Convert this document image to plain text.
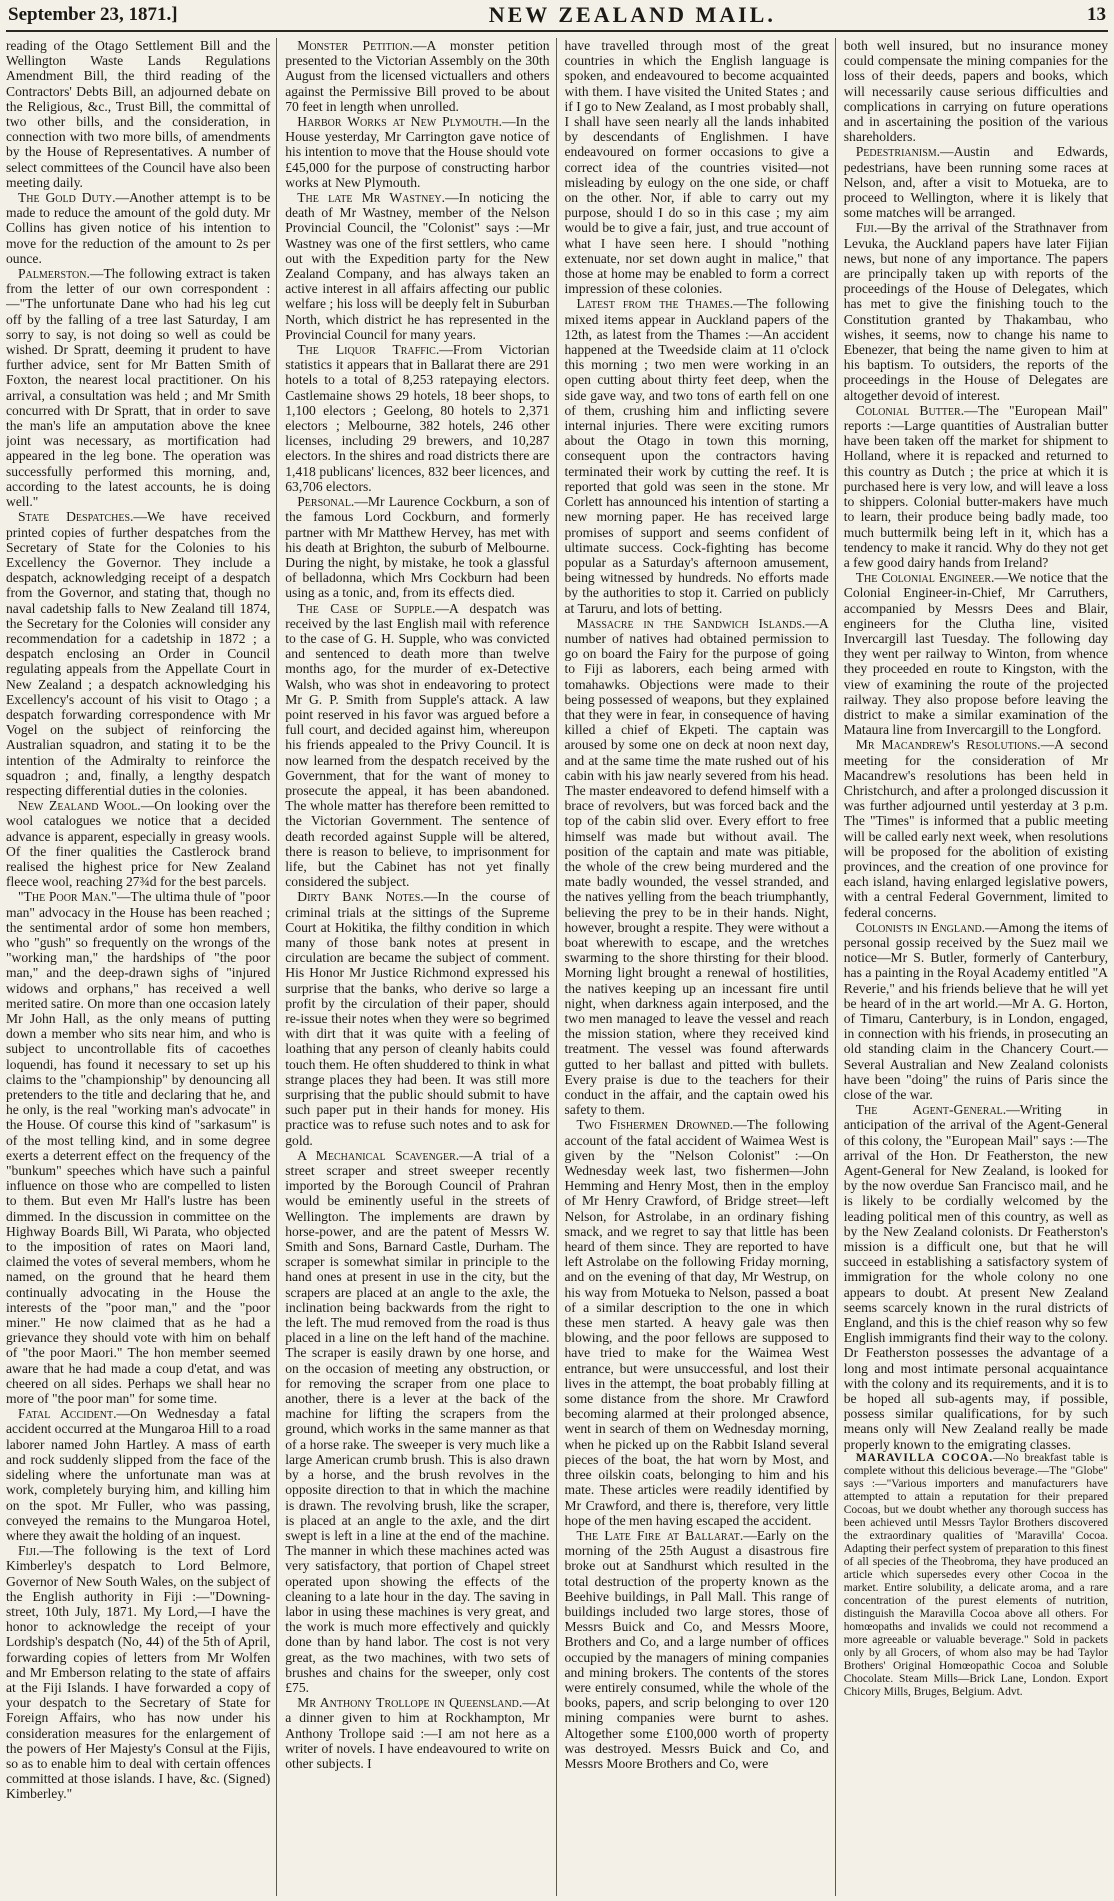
September 23, 1871.]	NEW ZEALAND MAIL.	13

reading of the Otago Settlement Bill and the Wellington Waste Lands Regulations Amendment Bill, the third reading of the Contractors' Debts Bill, an adjourned debate on the Religious, &c., Trust Bill, the committal of two other bills, and the consideration, in connection with two more bills, of amendments by the House of Representatives. A number of select committees of the Council have also been meeting daily.

The Gold Duty.—Another attempt is to be made to reduce the amount of the gold duty. Mr Collins has given notice of his intention to move for the reduction of the amount to 2s per ounce.

Palmerston.—The following extract is taken from the letter of our own correspondent :—"The unfortunate Dane who had his leg cut off by the falling of a tree last Saturday, I am sorry to say, is not doing so well as could be wished. Dr Spratt, deeming it prudent to have further advice, sent for Mr Batten Smith of Foxton, the nearest local practitioner. On his arrival, a consultation was held ; and Mr Smith concurred with Dr Spratt, that in order to save the man's life an amputation above the knee joint was necessary, as mortification had appeared in the leg bone. The operation was successfully performed this morning, and, according to the latest accounts, he is doing well."

State Despatches.—We have received printed copies of further despatches from the Secretary of State for the Colonies to his Excellency the Governor. They include a despatch, acknowledging receipt of a despatch from the Governor, and stating that, though no naval cadetship falls to New Zealand till 1874, the Secretary for the Colonies will consider any recommendation for a cadetship in 1872 ; a despatch enclosing an Order in Council regulating appeals from the Appellate Court in New Zealand ; a despatch acknowledging his Excellency's account of his visit to Otago ; a despatch forwarding correspondence with Mr Vogel on the subject of reinforcing the Australian squadron, and stating it to be the intention of the Admiralty to reinforce the squadron ; and, finally, a lengthy despatch respecting differential duties in the colonies.

New Zealand Wool.—On looking over the wool catalogues we notice that a decided advance is apparent, especially in greasy wools. Of the finer qualities the Castlerock brand realised the highest price for New Zealand fleece wool, reaching 27¾d for the best parcels.

"The Poor Man."—The ultima thule of "poor man" advocacy in the House has been reached ; the sentimental ardor of some hon members, who "gush" so frequently on the wrongs of the "working man," the hardships of "the poor man," and the deep-drawn sighs of "injured widows and orphans," has received a well merited satire. On more than one occasion lately Mr John Hall, as the only means of putting down a member who sits near him, and who is subject to uncontrollable fits of cacoethes loquendi, has found it necessary to set up his claims to the "championship" by denouncing all pretenders to the title and declaring that he, and he only, is the real "working man's advocate" in the House. Of course this kind of "sarkasum" is of the most telling kind, and in some degree exerts a deterrent effect on the frequency of the "bunkum" speeches which have such a painful influence on those who are compelled to listen to them. But even Mr Hall's lustre has been dimmed. In the discussion in committee on the Highway Boards Bill, Wi Parata, who objected to the imposition of rates on Maori land, claimed the votes of several members, whom he named, on the ground that he heard them continually advocating in the House the interests of the "poor man," and the "poor miner." He now claimed that as he had a grievance they should vote with him on behalf of "the poor Maori." The hon member seemed aware that he had made a coup d'etat, and was cheered on all sides. Perhaps we shall hear no more of "the poor man" for some time.

Fatal Accident.—On Wednesday a fatal accident occurred at the Mungaroa Hill to a road laborer named John Hartley. A mass of earth and rock suddenly slipped from the face of the sideling where the unfortunate man was at work, completely burying him, and killing him on the spot. Mr Fuller, who was passing, conveyed the remains to the Mungaroa Hotel, where they await the holding of an inquest.

Fiji.—The following is the text of Lord Kimberley's despatch to Lord Belmore, Governor of New South Wales, on the subject of the English authority in Fiji :—"Downing-street, 10th July, 1871. My Lord,—I have the honor to acknowledge the receipt of your Lordship's despatch (No, 44) of the 5th of April, forwarding copies of letters from Mr Wolfen and Mr Emberson relating to the state of affairs at the Fiji Islands. I have forwarded a copy of your despatch to the Secretary of State for Foreign Affairs, who has now under his consideration measures for the enlargement of the powers of Her Majesty's Consul at the Fijis, so as to enable him to deal with certain offences committed at those islands. I have, &c. (Signed) Kimberley."

Monster Petition.—A monster petition presented to the Victorian Assembly on the 30th August from the licensed victuallers and others against the Permissive Bill proved to be about 70 feet in length when unrolled.

Harbor Works at New Plymouth.—In the House yesterday, Mr Carrington gave notice of his intention to move that the House should vote £45,000 for the purpose of constructing harbor works at New Plymouth.

The late Mr Wastney.—In noticing the death of Mr Wastney, member of the Nelson Provincial Council, the "Colonist" says :—Mr Wastney was one of the first settlers, who came out with the Expedition party for the New Zealand Company, and has always taken an active interest in all affairs affecting our public welfare ; his loss will be deeply felt in Suburban North, which district he has represented in the Provincial Council for many years.

The Liquor Traffic.—From Victorian statistics it appears that in Ballarat there are 291 hotels to a total of 8,253 ratepaying electors. Castlemaine shows 29 hotels, 18 beer shops, to 1,100 electors ; Geelong, 80 hotels to 2,371 electors ; Melbourne, 382 hotels, 246 other licenses, including 29 brewers, and 10,287 electors. In the shires and road districts there are 1,418 publicans' licences, 832 beer licences, and 63,706 electors.

Personal.—Mr Laurence Cockburn, a son of the famous Lord Cockburn, and formerly partner with Mr Matthew Hervey, has met with his death at Brighton, the suburb of Melbourne. During the night, by mistake, he took a glassful of belladonna, which Mrs Cockburn had been using as a tonic, and, from its effects died.

The Case of Supple.—A despatch was received by the last English mail with reference to the case of G. H. Supple, who was convicted and sentenced to death more than twelve months ago, for the murder of ex-Detective Walsh, who was shot in endeavoring to protect Mr G. P. Smith from Supple's attack. A law point reserved in his favor was argued before a full court, and decided against him, whereupon his friends appealed to the Privy Council. It is now learned from the despatch received by the Government, that for the want of money to prosecute the appeal, it has been abandoned. The whole matter has therefore been remitted to the Victorian Government. The sentence of death recorded against Supple will be altered, there is reason to believe, to imprisonment for life, but the Cabinet has not yet finally considered the subject.

Dirty Bank Notes.—In the course of criminal trials at the sittings of the Supreme Court at Hokitika, the filthy condition in which many of those bank notes at present in circulation are became the subject of comment. His Honor Mr Justice Richmond expressed his surprise that the banks, who derive so large a profit by the circulation of their paper, should re-issue their notes when they were so begrimed with dirt that it was quite with a feeling of loathing that any person of cleanly habits could touch them. He often shuddered to think in what strange places they had been. It was still more surprising that the public should submit to have such paper put in their hands for money. His practice was to refuse such notes and to ask for gold.

A Mechanical Scavenger.—A trial of a street scraper and street sweeper recently imported by the Borough Council of Prahran would be eminently useful in the streets of Wellington. The implements are drawn by horse-power, and are the patent of Messrs W. Smith and Sons, Barnard Castle, Durham. The scraper is somewhat similar in principle to the hand ones at present in use in the city, but the scrapers are placed at an angle to the axle, the inclination being backwards from the right to the left. The mud removed from the road is thus placed in a line on the left hand of the machine. The scraper is easily drawn by one horse, and on the occasion of meeting any obstruction, or for removing the scraper from one place to another, there is a lever at the back of the machine for lifting the scrapers from the ground, which works in the same manner as that of a horse rake. The sweeper is very much like a large American crumb brush. This is also drawn by a horse, and the brush revolves in the opposite direction to that in which the machine is drawn. The revolving brush, like the scraper, is placed at an angle to the axle, and the dirt swept is left in a line at the end of the machine. The manner in which these machines acted was very satisfactory, that portion of Chapel street operated upon showing the effects of the cleaning to a late hour in the day. The saving in labor in using these machines is very great, and the work is much more effectively and quickly done than by hand labor. The cost is not very great, as the two machines, with two sets of brushes and chains for the sweeper, only cost £75.

Mr Anthony Trollope in Queensland.—At a dinner given to him at Rockhampton, Mr Anthony Trollope said :—I am not here as a writer of novels. I have endeavoured to write on other subjects. I

have travelled through most of the great countries in which the English language is spoken, and endeavoured to become acquainted with them. I have visited the United States ; and if I go to New Zealand, as I most probably shall, I shall have seen nearly all the lands inhabited by descendants of Englishmen. I have endeavoured on former occasions to give a correct idea of the countries visited—not misleading by eulogy on the one side, or chaff on the other. Nor, if able to carry out my purpose, should I do so in this case ; my aim would be to give a fair, just, and true account of what I have seen here. I should "nothing extenuate, nor set down aught in malice," that those at home may be enabled to form a correct impression of these colonies.

Latest from the Thames.—The following mixed items appear in Auckland papers of the 12th, as latest from the Thames :—An accident happened at the Tweedside claim at 11 o'clock this morning ; two men were working in an open cutting about thirty feet deep, when the side gave way, and two tons of earth fell on one of them, crushing him and inflicting severe internal injuries. There were exciting rumors about the Otago in town this morning, consequent upon the contractors having terminated their work by cutting the reef. It is reported that gold was seen in the stone. Mr Corlett has announced his intention of starting a new morning paper. He has received large promises of support and seems confident of ultimate success. Cock-fighting has become popular as a Saturday's afternoon amusement, being witnessed by hundreds. No efforts made by the authorities to stop it. Carried on publicly at Taruru, and lots of betting.

Massacre in the Sandwich Islands.—A number of natives had obtained permission to go on board the Fairy for the purpose of going to Fiji as laborers, each being armed with tomahawks. Objections were made to their being possessed of weapons, but they explained that they were in fear, in consequence of having killed a chief of Ekpeti. The captain was aroused by some one on deck at noon next day, and at the same time the mate rushed out of his cabin with his jaw nearly severed from his head. The master endeavored to defend himself with a brace of revolvers, but was forced back and the top of the cabin slid over. Every effort to free himself was made but without avail. The position of the captain and mate was pitiable, the whole of the crew being murdered and the mate badly wounded, the vessel stranded, and the natives yelling from the beach triumphantly, believing the prey to be in their hands. Night, however, brought a respite. They were without a boat wherewith to escape, and the wretches swarming to the shore thirsting for their blood. Morning light brought a renewal of hostilities, the natives keeping up an incessant fire until night, when darkness again interposed, and the two men managed to leave the vessel and reach the mission station, where they received kind treatment. The vessel was found afterwards gutted to her ballast and pitted with bullets. Every praise is due to the teachers for their conduct in the affair, and the captain owed his safety to them.

Two Fishermen Drowned.—The following account of the fatal accident of Waimea West is given by the "Nelson Colonist" :—On Wednesday week last, two fishermen—John Hemming and Henry Most, then in the employ of Mr Henry Crawford, of Bridge street—left Nelson, for Astrolabe, in an ordinary fishing smack, and we regret to say that little has been heard of them since. They are reported to have left Astrolabe on the following Friday morning, and on the evening of that day, Mr Westrup, on his way from Motueka to Nelson, passed a boat of a similar description to the one in which these men started. A heavy gale was then blowing, and the poor fellows are supposed to have tried to make for the Waimea West entrance, but were unsuccessful, and lost their lives in the attempt, the boat probably filling at some distance from the shore. Mr Crawford becoming alarmed at their prolonged absence, went in search of them on Wednesday morning, when he picked up on the Rabbit Island several pieces of the boat, the hat worn by Most, and three oilskin coats, belonging to him and his mate. These articles were readily identified by Mr Crawford, and there is, therefore, very little hope of the men having escaped the accident.

The Late Fire at Ballarat.—Early on the morning of the 25th August a disastrous fire broke out at Sandhurst which resulted in the total destruction of the property known as the Beehive buildings, in Pall Mall. This range of buildings included two large stores, those of Messrs Buick and Co, and Messrs Moore, Brothers and Co, and a large number of offices occupied by the managers of mining companies and mining brokers. The contents of the stores were entirely consumed, while the whole of the books, papers, and scrip belonging to over 120 mining companies were burnt to ashes. Altogether some £100,000 worth of property was destroyed. Messrs Buick and Co, and Messrs Moore Brothers and Co, were

both well insured, but no insurance money could compensate the mining companies for the loss of their deeds, papers and books, which will necessarily cause serious difficulties and complications in carrying on future operations and in ascertaining the position of the various shareholders.

Pedestrianism.—Austin and Edwards, pedestrians, have been running some races at Nelson, and, after a visit to Motueka, are to proceed to Wellington, where it is likely that some matches will be arranged.

Fiji.—By the arrival of the Strathnaver from Levuka, the Auckland papers have later Fijian news, but none of any importance. The papers are principally taken up with reports of the proceedings of the House of Delegates, which has met to give the finishing touch to the Constitution granted by Thakambau, who wishes, it seems, now to change his name to Ebenezer, that being the name given to him at his baptism. To outsiders, the reports of the proceedings in the House of Delegates are altogether devoid of interest.

Colonial Butter.—The "European Mail" reports :—Large quantities of Australian butter have been taken off the market for shipment to Holland, where it is repacked and returned to this country as Dutch ; the price at which it is purchased here is very low, and will leave a loss to shippers. Colonial butter-makers have much to learn, their produce being badly made, too much buttermilk being left in it, which has a tendency to make it rancid. Why do they not get a few good dairy hands from Ireland?

The Colonial Engineer.—We notice that the Colonial Engineer-in-Chief, Mr Carruthers, accompanied by Messrs Dees and Blair, engineers for the Clutha line, visited Invercargill last Tuesday. The following day they went per railway to Winton, from whence they proceeded en route to Kingston, with the view of examining the route of the projected railway. They also propose before leaving the district to make a similar examination of the Mataura line from Invercargill to the Longford.

Mr Macandrew's Resolutions.—A second meeting for the consideration of Mr Macandrew's resolutions has been held in Christchurch, and after a prolonged discussion it was further adjourned until yesterday at 3 p.m. The "Times" is informed that a public meeting will be called early next week, when resolutions will be proposed for the abolition of existing provinces, and the creation of one province for each island, having enlarged legislative powers, with a central Federal Government, limited to federal concerns.

Colonists in England.—Among the items of personal gossip received by the Suez mail we notice—Mr S. Butler, formerly of Canterbury, has a painting in the Royal Academy entitled "A Reverie," and his friends believe that he will yet be heard of in the art world.—Mr A. G. Horton, of Timaru, Canterbury, is in London, engaged, in connection with his friends, in prosecuting an old standing claim in the Chancery Court.—Several Australian and New Zealand colonists have been "doing" the ruins of Paris since the close of the war.

The Agent-General.—Writing in anticipation of the arrival of the Agent-General of this colony, the "European Mail" says :—The arrival of the Hon. Dr Featherston, the new Agent-General for New Zealand, is looked for by the now overdue San Francisco mail, and he is likely to be cordially welcomed by the leading political men of this country, as well as by the New Zealand colonists. Dr Featherston's mission is a difficult one, but that he will succeed in establishing a satisfactory system of immigration for the whole colony no one appears to doubt. At present New Zealand seems scarcely known in the rural districts of England, and this is the chief reason why so few English immigrants find their way to the colony. Dr Featherston possesses the advantage of a long and most intimate personal acquaintance with the colony and its requirements, and it is to be hoped all sub-agents may, if possible, possess similar qualifications, for by such means only will New Zealand really be made properly known to the emigrating classes.

MARAVILLA COCOA.—No breakfast table is complete without this delicious beverage.—The "Globe" says :—"Various importers and manufacturers have attempted to attain a reputation for their prepared Cocoas, but we doubt whether any thorough success has been achieved until Messrs Taylor Brothers discovered the extraordinary qualities of 'Maravilla' Cocoa. Adapting their perfect system of preparation to this finest of all species of the Theobroma, they have produced an article which supersedes every other Cocoa in the market. Entire solubility, a delicate aroma, and a rare concentration of the purest elements of nutrition, distinguish the Maravilla Cocoa above all others. For homœopaths and invalids we could not recommend a more agreeable or valuable beverage." Sold in packets only by all Grocers, of whom also may be had Taylor Brothers' Original Homœopathic Cocoa and Soluble Chocolate. Steam Mills—Brick Lane, London. Export Chicory Mills, Bruges, Belgium. Advt.
